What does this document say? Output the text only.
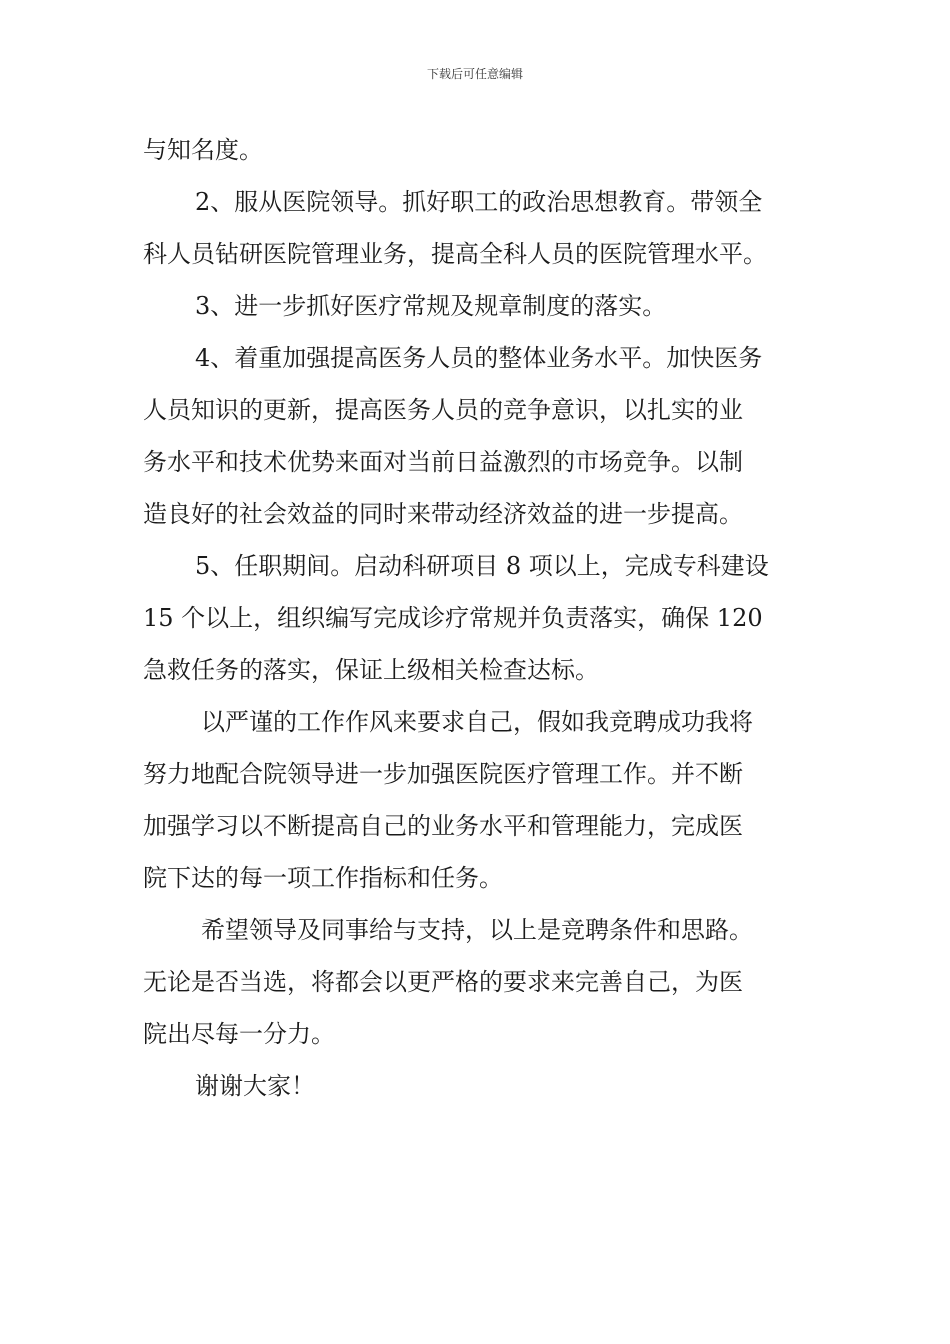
下载后可任意编辑
与知名度。
2、服从医院领导。抓好职工的政治思想教育。带领全
科人员钻研医院管理业务，提高全科人员的医院管理水平。
3、进一步抓好医疗常规及规章制度的落实。
4、着重加强提高医务人员的整体业务水平。加快医务
人员知识的更新，提高医务人员的竞争意识，以扎实的业
务水平和技术优势来面对当前日益激烈的市场竞争。以制
造良好的社会效益的同时来带动经济效益的进一步提高。
5、任职期间。启动科研项目 8 项以上，完成专科建设
15 个以上，组织编写完成诊疗常规并负责落实，确保 120
急救任务的落实，保证上级相关检查达标。
以严谨的工作作风来要求自己，假如我竞聘成功我将
努力地配合院领导进一步加强医院医疗管理工作。并不断
加强学习以不断提高自己的业务水平和管理能力，完成医
院下达的每一项工作指标和任务。
希望领导及同事给与支持，以上是竞聘条件和思路。
无论是否当选，将都会以更严格的要求来完善自己，为医
院出尽每一分力。
谢谢大家！
